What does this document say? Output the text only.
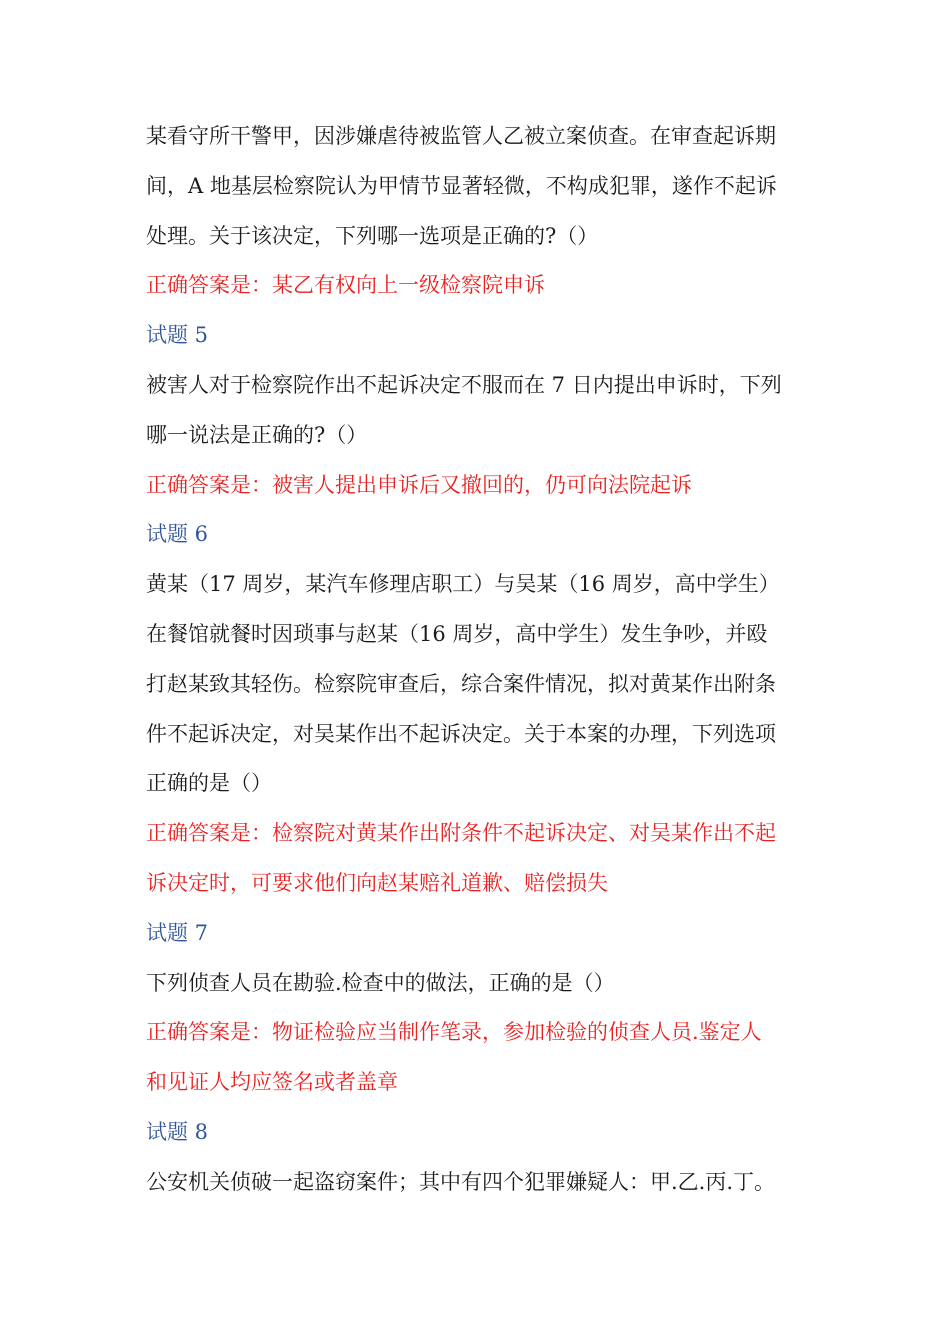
某看守所干警甲，因涉嫌虐待被监管人乙被立案侦查。在审查起诉期
间，A 地基层检察院认为甲情节显著轻微，不构成犯罪，遂作不起诉
处理。关于该决定，下列哪一选项是正确的?（）
正确答案是：某乙有权向上一级检察院申诉
试题 5
被害人对于检察院作出不起诉决定不服而在 7 日内提出申诉时，下列
哪一说法是正确的?（）
正确答案是：被害人提出申诉后又撤回的，仍可向法院起诉
试题 6
黄某（17 周岁，某汽车修理店职工）与吴某（16 周岁，高中学生）
在餐馆就餐时因琐事与赵某（16 周岁，高中学生）发生争吵，并殴
打赵某致其轻伤。检察院审查后，综合案件情况，拟对黄某作出附条
件不起诉决定，对吴某作出不起诉决定。关于本案的办理，下列选项
正确的是（）
正确答案是：检察院对黄某作出附条件不起诉决定、对吴某作出不起
诉决定时，可要求他们向赵某赔礼道歉、赔偿损失
试题 7
下列侦查人员在勘验.检查中的做法，正确的是（）
正确答案是：物证检验应当制作笔录，参加检验的侦查人员.鉴定人
和见证人均应签名或者盖章
试题 8
公安机关侦破一起盗窃案件；其中有四个犯罪嫌疑人：甲.乙.丙.丁。
